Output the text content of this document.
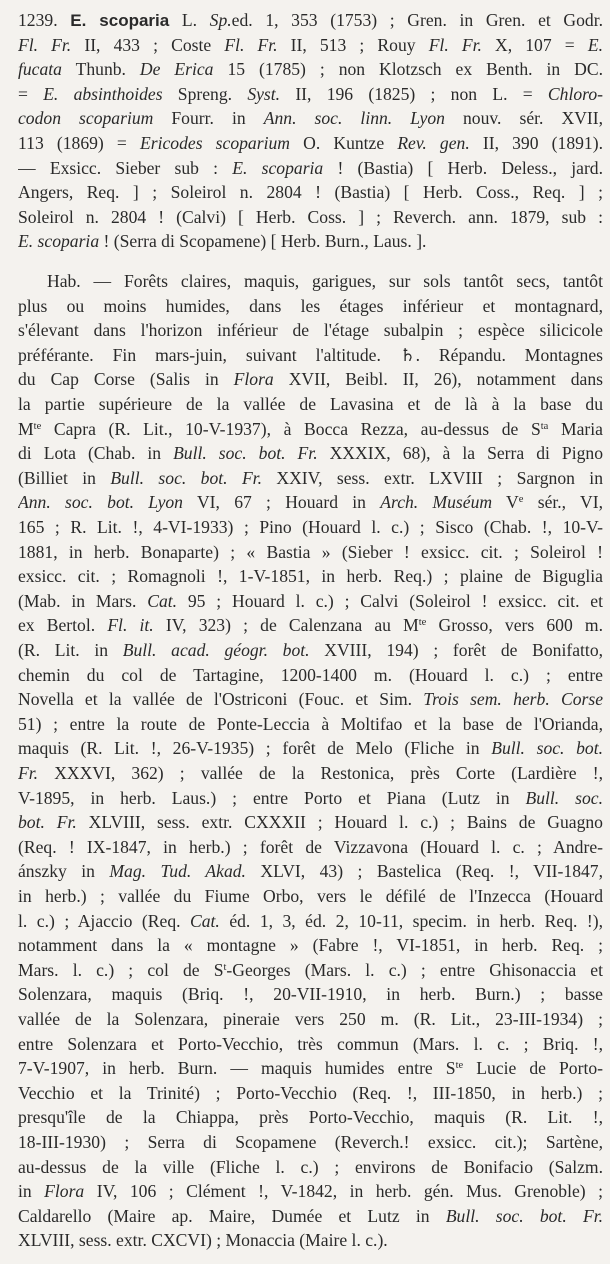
1239. E. scoparia L. Sp.ed. 1, 353 (1753) ; Gren. in Gren. et Godr.
Fl. Fr. II, 433 ; Coste Fl. Fr. II, 513 ; Rouy Fl. Fr. X, 107 = E.
fucata Thunb. De Erica 15 (1785) ; non Klotzsch ex Benth. in DC.
= E. absinthoides Spreng. Syst. II, 196 (1825) ; non L. = Chloro-
codon scoparium Fourr. in Ann. soc. linn. Lyon nouv. sér. XVII,
113 (1869) = Ericodes scoparium O. Kuntze Rev. gen. II, 390 (1891).
— Exsicc. Sieber sub : E. scoparia ! (Bastia) [ Herb. Deless., jard.
Angers, Req. ] ; Soleirol n. 2804 ! (Bastia) [ Herb. Coss., Req. ] ;
Soleirol n. 2804 ! (Calvi) [ Herb. Coss. ] ; Reverch. ann. 1879, sub :
E. scoparia ! (Serra di Scopamene) [ Herb. Burn., Laus. ].
Hab. — Forêts claires, maquis, garigues, sur sols tantôt secs, tantôt
plus ou moins humides, dans les étages inférieur et montagnard,
s'élevant dans l'horizon inférieur de l'étage subalpin ; espèce silicicole
préférante. Fin mars-juin, suivant l'altitude. ♄. Répandu. Montagnes
du Cap Corse (Salis in Flora XVII, Beibl. II, 26), notamment dans
la partie supérieure de la vallée de Lavasina et de là à la base du
$M^{te}$ Capra (R. Lit., 10-V-1937), à Bocca Rezza, au-dessus de $S^{ta}$ Maria
di Lota (Chab. in Bull. soc. bot. Fr. XXXIX, 68), à la Serra di Pigno
(Billiet in Bull. soc. bot. Fr. XXIV, sess. extr. LXVIII ; Sargnon in
Ann. soc. bot. Lyon VI, 67 ; Houard in Arch. Muséum Ve sér., VI,
165 ; R. Lit. !, 4-VI-1933) ; Pino (Houard l. c.) ; Sisco (Chab. !, 10-V-
1881, in herb. Bonaparte) ; « Bastia » (Sieber ! exsicc. cit. ; Soleirol !
exsicc. cit. ; Romagnoli !, 1-V-1851, in herb. Req.) ; plaine de Biguglia
(Mab. in Mars. Cat. 95 ; Houard l. c.) ; Calvi (Soleirol ! exsicc. cit. et
ex Bertol. Fl. it. IV, 323) ; de Calenzana au $M^{te}$ Grosso, vers 600 m.
(R. Lit. in Bull. acad. géogr. bot. XVIII, 194) ; forêt de Bonifatto,
chemin du col de Tartagine, 1200-1400 m. (Houard l. c.) ; entre
Novella et la vallée de l'Ostriconi (Fouc. et Sim. Trois sem. herb. Corse
51) ; entre la route de Ponte-Leccia à Moltifao et la base de l'Orianda,
maquis (R. Lit. !, 26-V-1935) ; forêt de Melo (Fliche in Bull. soc. bot.
Fr. XXXVI, 362) ; vallée de la Restonica, près Corte (Lardière !,
V-1895, in herb. Laus.) ; entre Porto et Piana (Lutz in Bull. soc.
bot. Fr. XLVIII, sess. extr. CXXXII ; Houard l. c.) ; Bains de Guagno
(Req. ! IX-1847, in herb.) ; forêt de Vizzavona (Houard l. c. ; Andre-
ánszky in Mag. Tud. Akad. XLVI, 43) ; Bastelica (Req. !, VII-1847,
in herb.) ; vallée du Fiume Orbo, vers le défilé de l'Inzecca (Houard
l. c.) ; Ajaccio (Req. Cat. éd. 1, 3, éd. 2, 10-11, specim. in herb. Req. !),
notamment dans la « montagne » (Fabre !, VI-1851, in herb. Req. ;
Mars. l. c.) ; col de $S^t$-Georges (Mars. l. c.) ; entre Ghisonaccia et
Solenzara, maquis (Briq. !, 20-VII-1910, in herb. Burn.) ; basse
vallée de la Solenzara, pineraie vers 250 m. (R. Lit., 23-III-1934) ;
entre Solenzara et Porto-Vecchio, très commun (Mars. l. c. ; Briq. !,
7-V-1907, in herb. Burn. — maquis humides entre $S^{te}$ Lucie de Porto-
Vecchio et la Trinité) ; Porto-Vecchio (Req. !, III-1850, in herb.) ;
presqu'île de la Chiappa, près Porto-Vecchio, maquis (R. Lit. !,
18-III-1930) ; Serra di Scopamene (Reverch.! exsicc. cit.); Sartène,
au-dessus de la ville (Fliche l. c.) ; environs de Bonifacio (Salzm.
in Flora IV, 106 ; Clément !, V-1842, in herb. gén. Mus. Grenoble) ;
Caldarello (Maire ap. Maire, Dumée et Lutz in Bull. soc. bot. Fr.
XLVIII, sess. extr. CXCVI) ; Monaccia (Maire l. c.).
